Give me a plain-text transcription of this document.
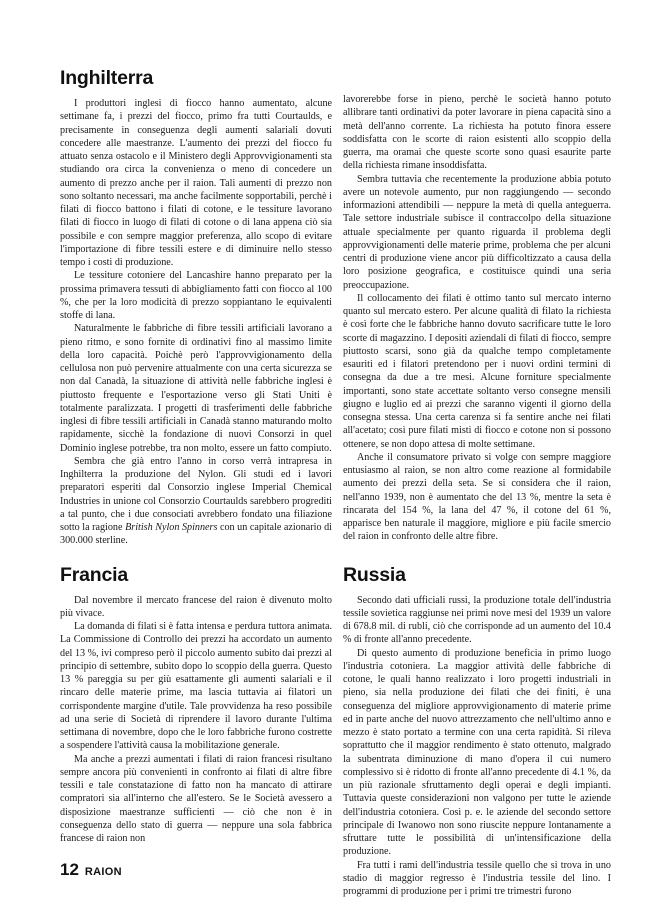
Inghilterra

I produttori inglesi di fiocco hanno aumentato, alcune settimane fa, i prezzi del fiocco, primo fra tutti Courtaulds, e precisamente in conseguenza degli aumenti salariali dovuti concedere alle maestranze. L'aumento dei prezzi del fiocco fu attuato senza ostacolo e il Ministero degli Approvvigionamenti sta studiando ora circa la convenienza o meno di concedere un aumento di prezzo anche per il raion. Tali aumenti di prezzo non sono soltanto necessari, ma anche facilmente sopportabili, perchè i filati di fiocco battono i filati di cotone, e le tessiture lavorano filati di fiocco in luogo di filati di cotone o di lana appena ciò sia possibile e con sempre maggior preferenza, allo scopo di evitare l'importazione di fibre tessili estere e di diminuire nello stesso tempo i costi di produzione.

Le tessiture cotoniere del Lancashire hanno preparato per la prossima primavera tessuti di abbigliamento fatti con fiocco al 100 %, che per la loro modicità di prezzo soppiantano le equivalenti stoffe di lana.

Naturalmente le fabbriche di fibre tessili artificiali lavorano a pieno ritmo, e sono fornite di ordinativi fino al massimo limite della loro capacità. Poichè però l'approvvigionamento della cellulosa non può pervenire attualmente con una certa sicurezza se non dal Canadà, la situazione di attività nelle fabbriche inglesi è piuttosto frequente e l'esportazione verso gli Stati Uniti è totalmente paralizzata. I progetti di trasferimenti delle fabbriche inglesi di fibre tessili artificiali in Canadà stanno maturando molto rapidamente, sicchè la fondazione di nuovi Consorzi in quel Dominio inglese potrebbe, tra non molto, essere un fatto compiuto.

Sembra che già entro l'anno in corso verrà intrapresa in Inghilterra la produzione del Nylon. Gli studi ed i lavori preparatori esperiti dal Consorzio inglese Imperial Chemical Industries in unione col Consorzio Courtaulds sarebbero progrediti a tal punto, che i due consociati avrebbero fondato una filiazione sotto la ragione British Nylon Spinners con un capitale azionario di 300.000 sterline.

Francia

Dal novembre il mercato francese del raion è divenuto molto più vivace.

La domanda di filati si è fatta intensa e perdura tuttora animata. La Commissione di Controllo dei prezzi ha accordato un aumento del 13 %, ivi compreso però il piccolo aumento subito dai prezzi al principio di settembre, subito dopo lo scoppio della guerra. Questo 13 % pareggia su per giù esattamente gli aumenti salariali e il rincaro delle materie prime, ma lascia tuttavia ai filatori un corrispondente margine d'utile. Tale provvidenza ha reso possibile ad una serie di Società di riprendere il lavoro durante l'ultima settimana di novembre, dopo che le loro fabbriche furono costrette a sospendere l'attività causa la mobilitazione generale.

Ma anche a prezzi aumentati i filati di raion francesi risultano sempre ancora più convenienti in confronto ai filati di altre fibre tessili e tale constatazione di fatto non ha mancato di attirare compratori sia all'interno che all'estero. Se le Società avessero a disposizione maestranze sufficienti — ciò che non è in conseguenza dello stato di guerra — neppure una sola fabbrica francese di raion non

lavorerebbe forse in pieno, perchè le società hanno potuto allibrare tanti ordinativi da poter lavorare in piena capacità sino a metà dell'anno corrente. La richiesta ha potuto finora essere soddisfatta con le scorte di raion esistenti allo scoppio della guerra, ma oramai che queste scorte sono quasi esaurite parte della richiesta rimane insoddisfatta.

Sembra tuttavia che recentemente la produzione abbia potuto avere un notevole aumento, pur non raggiungendo — secondo informazioni attendibili — neppure la metà di quella anteguerra. Tale settore industriale subisce il contraccolpo della situazione attuale specialmente per quanto riguarda il problema degli approvvigionamenti delle materie prime, problema che per alcuni centri di produzione viene ancor più difficoltizzato a causa della loro posizione geografica, e costituisce quindi una seria preoccupazione.

Il collocamento dei filati è ottimo tanto sul mercato interno quanto sul mercato estero. Per alcune qualità di filato la richiesta è così forte che le fabbriche hanno dovuto sacrificare tutte le loro scorte di magazzino. I depositi aziendali di filati di fiocco, sempre piuttosto scarsi, sono già da qualche tempo completamente esauriti ed i filatori pretendono per i nuovi ordini termini di consegna da due a tre mesi. Alcune forniture specialmente importanti, sono state accettate soltanto verso consegne mensili giugno e luglio ed ai prezzi che saranno vigenti il giorno della consegna stessa. Una certa carenza si fa sentire anche nei filati all'acetato; così pure filati misti di fiocco e cotone non si possono ottenere, se non dopo attesa di molte settimane.

Anche il consumatore privato si volge con sempre maggiore entusiasmo al raion, se non altro come reazione al formidabile aumento dei prezzi della seta. Se si considera che il raion, nell'anno 1939, non è aumentato che del 13 %, mentre la seta è rincarata del 154 %, la lana del 47 %, il cotone del 61 %, apparisce ben naturale il maggiore, migliore e più facile smercio del raion in confronto delle altre fibre.

Russia

Secondo dati ufficiali russi, la produzione totale dell'industria tessile sovietica raggiunse nei primi nove mesi del 1939 un valore di 678.8 mil. di rubli, ciò che corrisponde ad un aumento del 10.4 % di fronte all'anno precedente.

Di questo aumento di produzione beneficia in primo luogo l'industria cotoniera. La maggior attività delle fabbriche di cotone, le quali hanno realizzato i loro progetti industriali in pieno, sia nella produzione dei filati che dei finiti, è una conseguenza del migliore approvvigionamento di materie prime ed in parte anche del nuovo attrezzamento che nell'ultimo anno e mezzo è stato portato a termine con una certa rapidità. Si rileva soprattutto che il maggior rendimento è stato ottenuto, malgrado la subentrata diminuzione di mano d'opera il cui numero complessivo si è ridotto di fronte all'anno precedente di 4.1 %, da un più razionale sfruttamento degli operai e degli impianti. Tuttavia queste considerazioni non valgono per tutte le aziende dell'industria cotoniera. Così p. e. le aziende del secondo settore principale di Iwanowo non sono riuscite neppure lontanamente a sfruttare tutte le possibilità di un'intensificazione della produzione.

Fra tutti i rami dell'industria tessile quello che si trova in uno stadio di maggior regresso è l'industria tessile del lino. I programmi di produzione per i primi tre trimestri furono

12 RAION
